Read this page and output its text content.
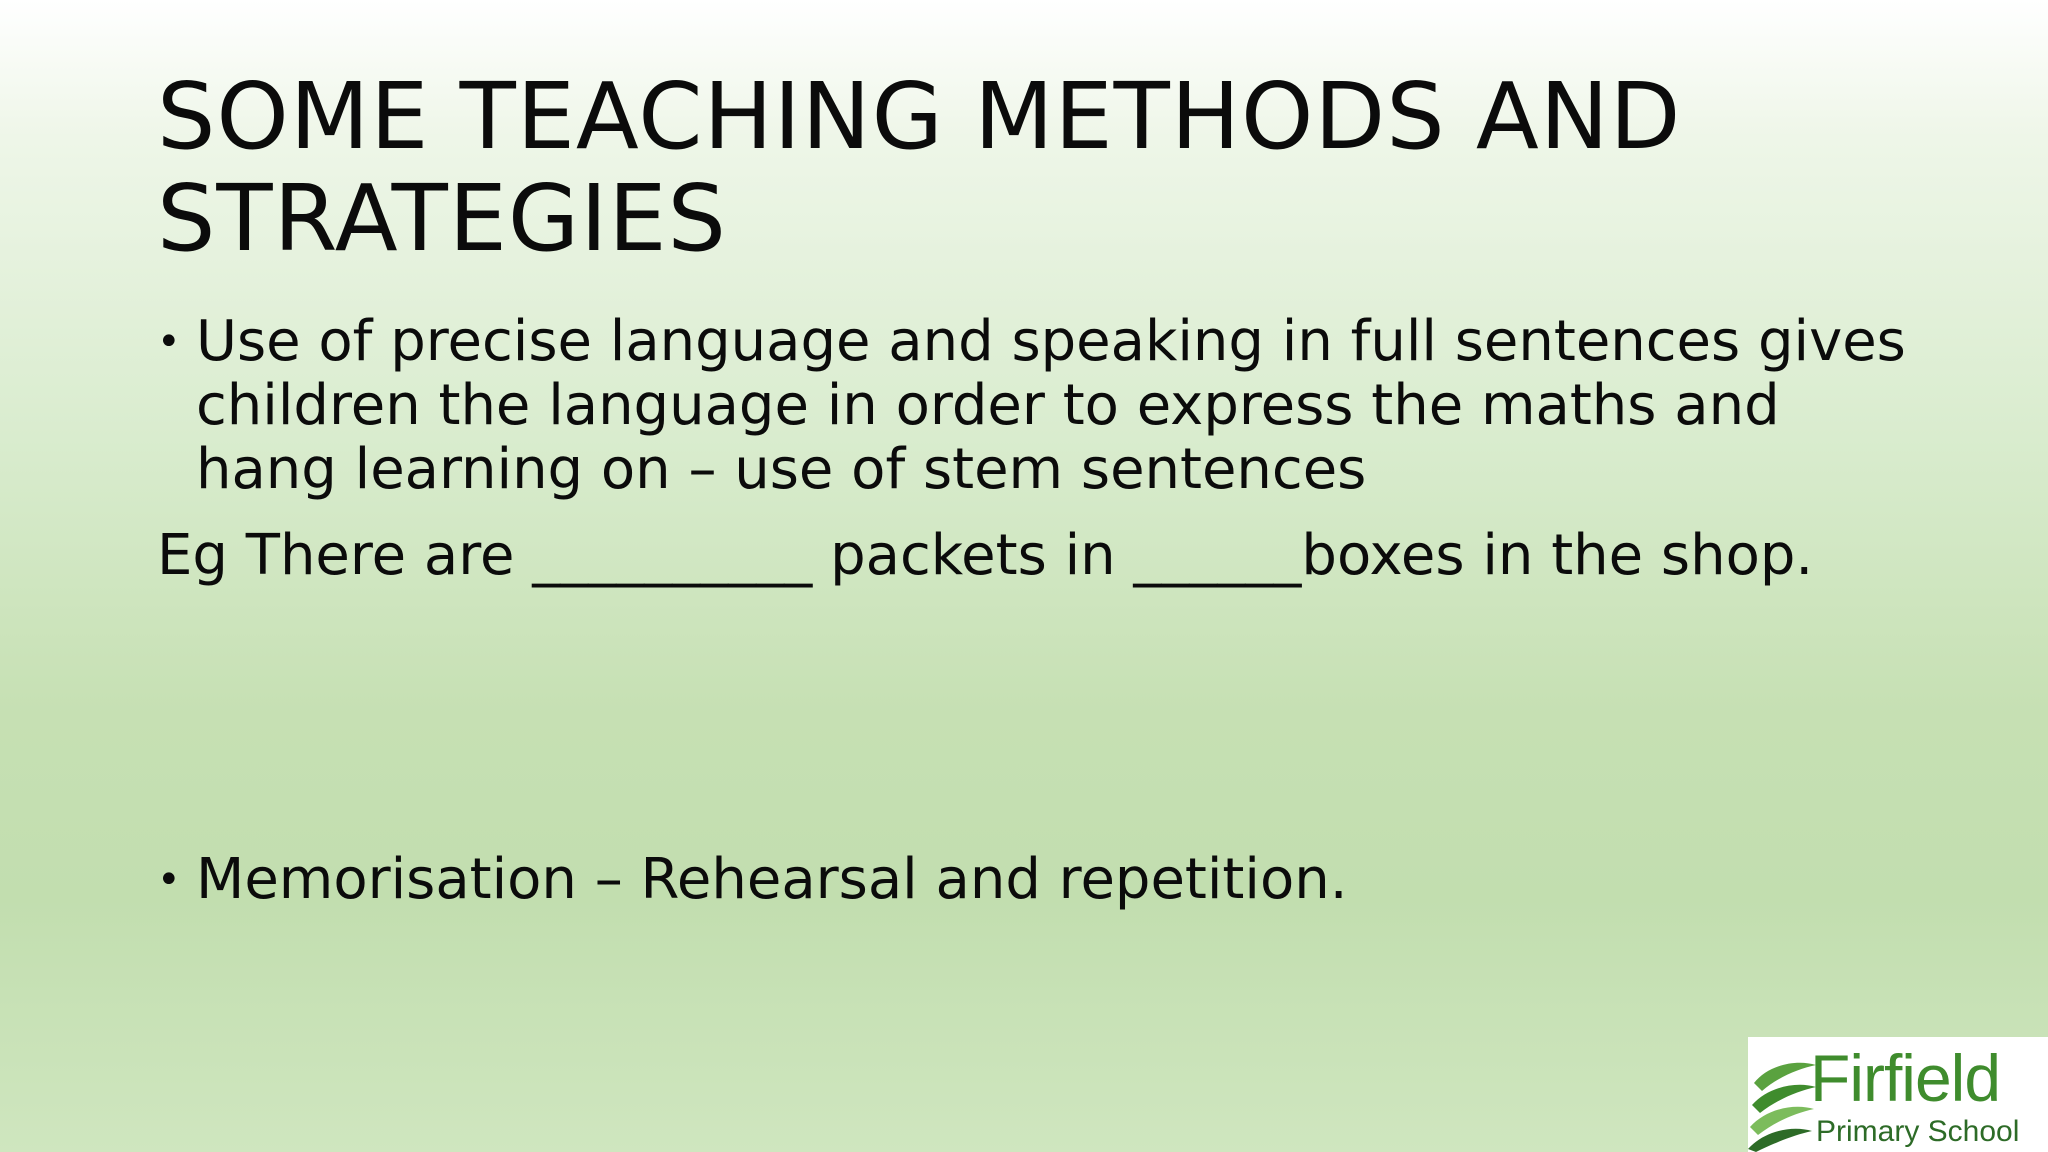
SOME TEACHING METHODS AND STRATEGIES
• Use of precise language and speaking in full sentences gives children the language in order to express the maths and hang learning on – use of stem sentences
Eg There are __________ packets in ______boxes in the shop.
• Memorisation – Rehearsal and repetition.
Firfield
Primary School
